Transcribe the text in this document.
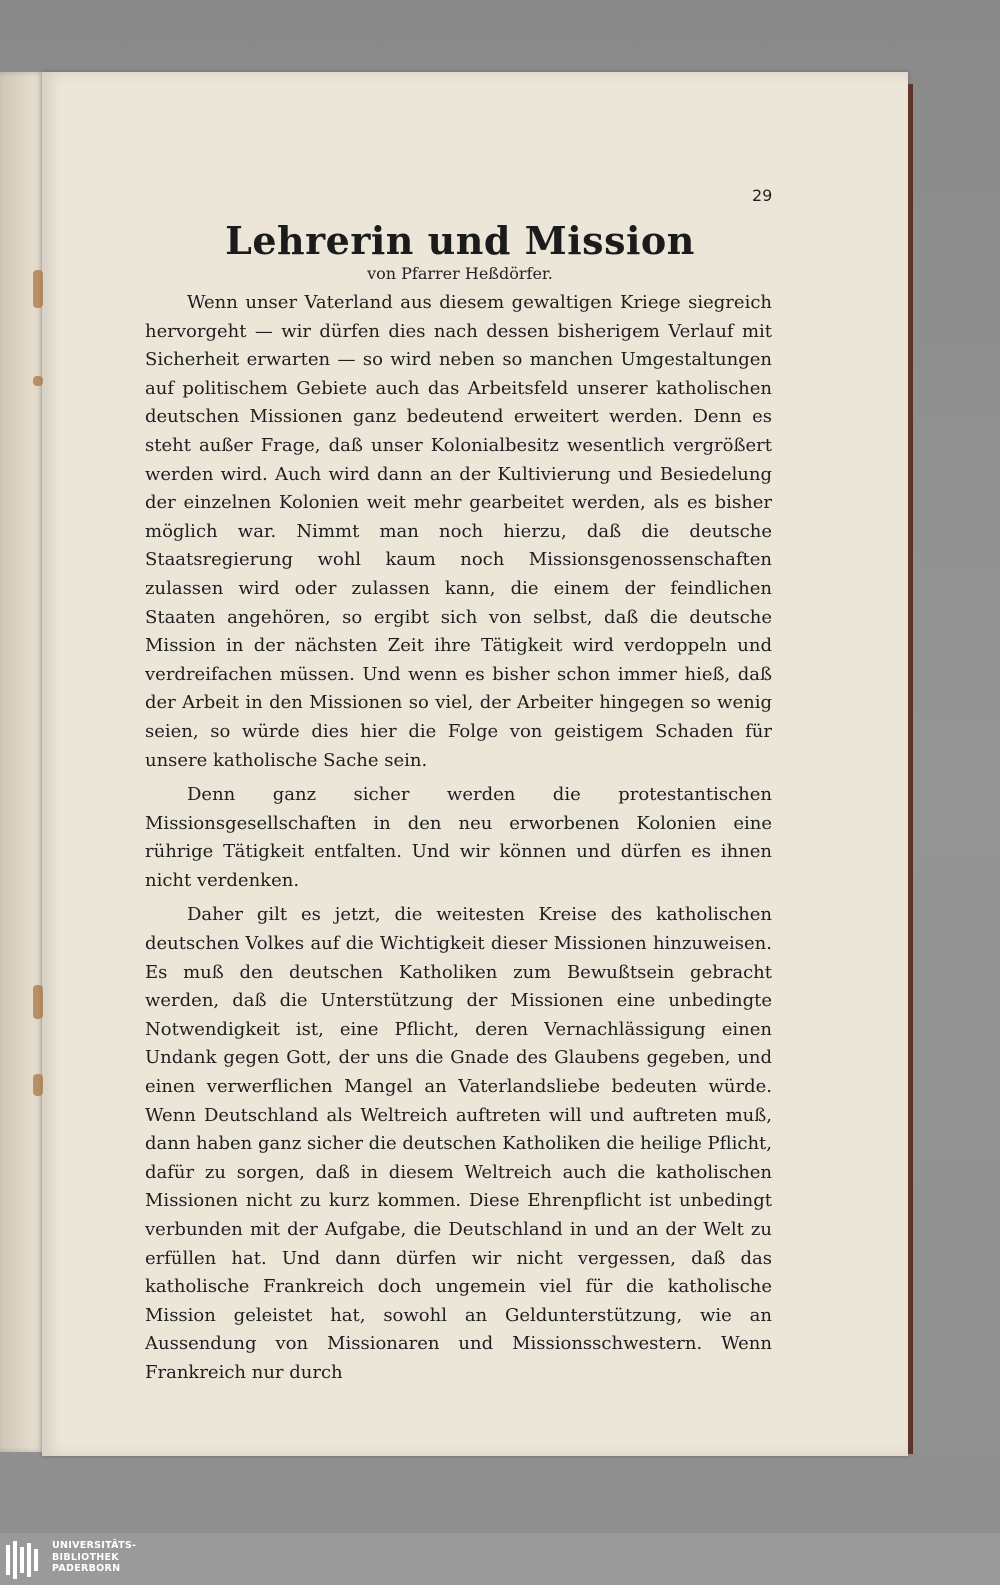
29
Lehrerin und Mission
von Pfarrer Heßdörfer.

Wenn unser Vaterland aus diesem gewaltigen Kriege siegreich hervorgeht — wir dürfen dies nach dessen bisherigem Verlauf mit Sicherheit erwarten — so wird neben so manchen Umgestaltungen auf politischem Gebiete auch das Arbeitsfeld unserer katholischen deutschen Missionen ganz bedeutend erweitert werden. Denn es steht außer Frage, daß unser Kolonialbesitz wesentlich vergrößert werden wird. Auch wird dann an der Kultivierung und Besiedelung der einzelnen Kolonien weit mehr gearbeitet werden, als es bisher möglich war. Nimmt man noch hierzu, daß die deutsche Staatsregierung wohl kaum noch Missionsgenossenschaften zulassen wird oder zulassen kann, die einem der feindlichen Staaten angehören, so ergibt sich von selbst, daß die deutsche Mission in der nächsten Zeit ihre Tätigkeit wird verdoppeln und verdreifachen müssen. Und wenn es bisher schon immer hieß, daß der Arbeit in den Missionen so viel, der Arbeiter hingegen so wenig seien, so würde dies hier die Folge von geistigem Schaden für unsere katholische Sache sein.

Denn ganz sicher werden die protestantischen Missionsgesellschaften in den neu erworbenen Kolonien eine rührige Tätigkeit entfalten. Und wir können und dürfen es ihnen nicht verdenken.

Daher gilt es jetzt, die weitesten Kreise des katholischen deutschen Volkes auf die Wichtigkeit dieser Missionen hinzuweisen. Es muß den deutschen Katholiken zum Bewußtsein gebracht werden, daß die Unterstützung der Missionen eine unbedingte Notwendigkeit ist, eine Pflicht, deren Vernachlässigung einen Undank gegen Gott, der uns die Gnade des Glaubens gegeben, und einen verwerflichen Mangel an Vaterlandsliebe bedeuten würde. Wenn Deutschland als Weltreich auftreten will und auftreten muß, dann haben ganz sicher die deutschen Katholiken die heilige Pflicht, dafür zu sorgen, daß in diesem Weltreich auch die katholischen Missionen nicht zu kurz kommen. Diese Ehrenpflicht ist unbedingt verbunden mit der Aufgabe, die Deutschland in und an der Welt zu erfüllen hat. Und dann dürfen wir nicht vergessen, daß das katholische Frankreich doch ungemein viel für die katholische Mission geleistet hat, sowohl an Geldunterstützung, wie an Aussendung von Missionaren und Missionsschwestern. Wenn Frankreich nur durch

UNIVERSITÄTS-
BIBLIOTHEK
PADERBORN
